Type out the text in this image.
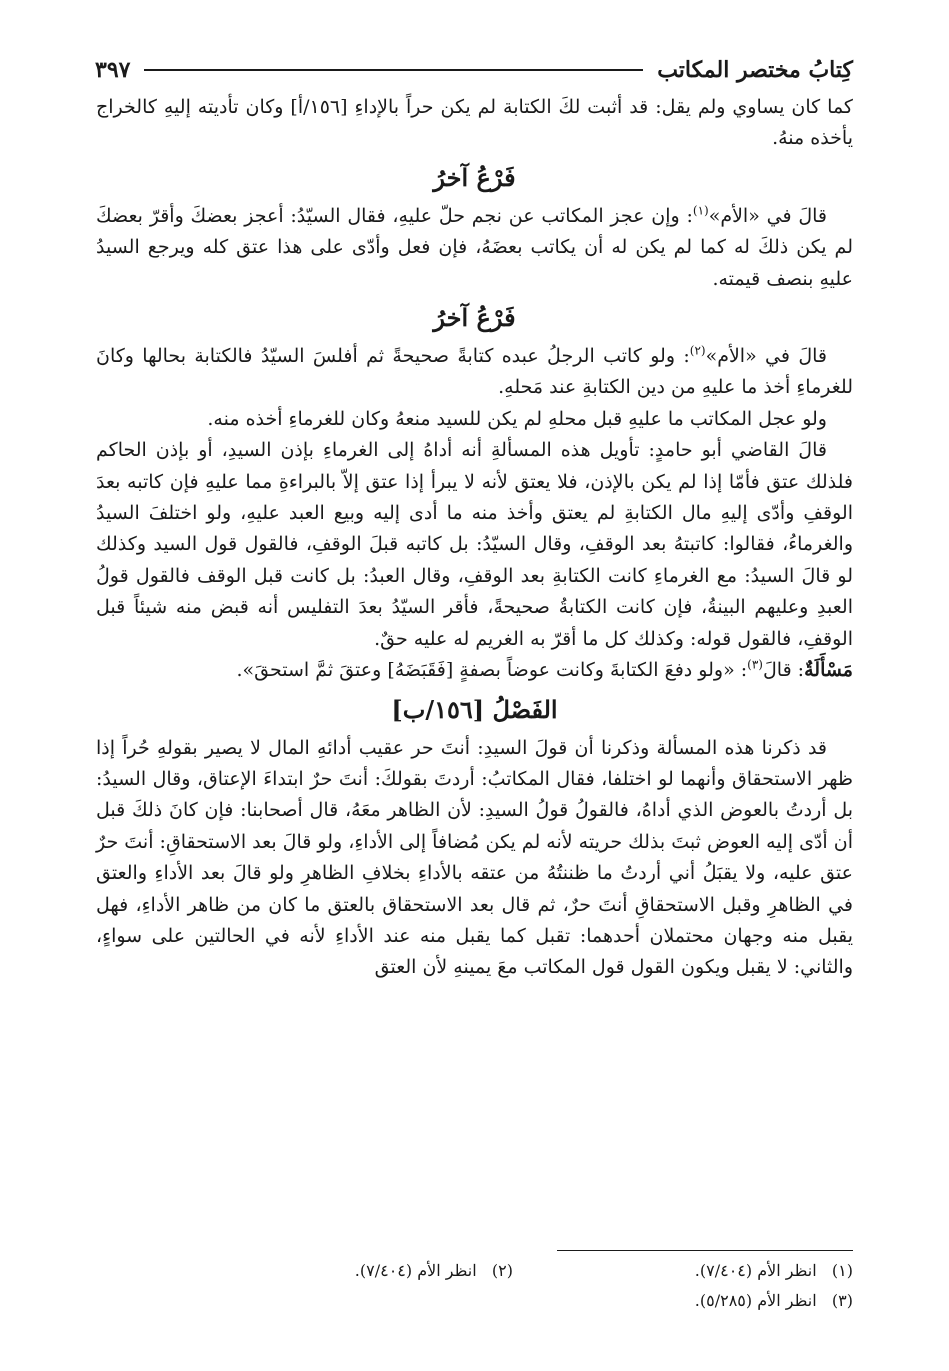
كِتابُ مختصر المكاتب
٣٩٧

كما كان يساوي ولم يقل: قد أثبت لكَ الكتابة لم يكن حراً بالإداءِ [١٥٦/أ] وكان تأديته إليهِ كالخراج يأخذه منهُ.

فَرْعُ آخرُ

قالَ في «الأم»$^{(١)}$: وإن عجز المكاتب عن نجم حلّ عليهِ، فقال السيّدُ: أعجز بعضكَ وأقرّ بعضكَ لم يكن ذلكَ له كما لم يكن له أن يكاتب بعضَهُ، فإن فعل وأدّى على هذا عتق كله ويرجع السيدُ عليهِ بنصف قيمته.

فَرْعُ آخرُ

قالَ في «الأم»$^{(٢)}$: ولو كاتب الرجلُ عبده كتابةً صحيحةً ثم أفلسَ السيّدُ فالكتابة بحالها وكانَ للغرماءِ أخذ ما عليهِ من دين الكتابةِ عند مَحلهِ.

ولو عجل المكاتب ما عليهِ قبل محلهِ لم يكن للسيد منعهُ وكان للغرماءِ أخذه منه.

قالَ القاضي أبو حامدٍ: تأويل هذه المسألةِ أنه أداهُ إلى الغرماءِ بإذن السيدِ، أو بإذن الحاكم فلذلك عتق فأمّا إذا لم يكن بالإذن، فلا يعتق لأنه لا يبرأ إذا عتق إلاّ بالبراءةِ مما عليهِ فإن كاتبه بعدَ الوقفِ وأدّى إليهِ مال الكتابةِ لم يعتق وأخذ منه ما أدى إليه وبيع العبد عليهِ، ولو اختلفَ السيدُ والغرماءُ، فقالوا: كاتبتهُ بعد الوقفِ، وقال السيّدُ: بل كاتبه قبلَ الوقفِ، فالقول قول السيد وكذلك لو قالَ السيدُ: مع الغرماءِ كانت الكتابةِ بعد الوقفِ، وقال العبدُ: بل كانت قبل الوقف فالقول قولُ العبدِ وعليهم البينةُ، فإن كانت الكتابةُ صحيحةً، فأقر السيّدُ بعدَ التفليس أنه قبض منه شيئاً قبل الوقفِ، فالقول قوله: وكذلك كل ما أقرّ به الغريم له عليه حقٌ.

مَسْأَلَةٌ: قالَ$^{(٣)}$: «ولو دفعَ الكتابةَ وكانت عوضاً بصفةٍ [فَقَبَضَهُ] وعتقَ ثمَّ استحقَ».

الفَصْلُ [١٥٦/ب]

قد ذكرنا هذه المسألة وذكرنا أن قولَ السيدِ: أنتَ حر عقيب أدائهِ المال لا يصير بقولهِ حُراً إذا ظهر الاستحقاق وأنهما لو اختلفا، فقال المكاتبُ: أردتَ بقولكَ: أنتَ حرٌ ابتداءَ الإعتاق، وقال السيدُ: بل أردتُ بالعوض الذي أداهُ، فالقولُ قولُ السيدِ: لأن الظاهر معَهُ، قال أصحابنا: فإن كانَ ذلكَ قبل أن أدّى إليه العوض ثبتَ بذلك حريته لأنه لم يكن مُضافاً إلى الأداءِ، ولو قالَ بعد الاستحقاقِ: أنتَ حرٌ عتق عليه، ولا يقبَلُ أني أردتُ ما ظننتُهُ من عتقه بالأداءِ بخلافِ الظاهرِ ولو قالَ بعد الأداءِ والعتق في الظاهرِ وقبل الاستحقاقِ أنتَ حرٌ، ثم قال بعد الاستحقاق بالعتق ما كان من ظاهر الأداءِ، فهل يقبل منه وجهان محتملان أحدهما: تقبل كما يقبل منه عند الأداءِ لأنه في الحالتين على سواءٍ، والثاني: لا يقبل ويكون القول قول المكاتب معَ يمينهِ لأن العتق

(١)   انظر الأم (٧/٤٠٤).
(٢)   انظر الأم (٧/٤٠٤).
(٣)   انظر الأم (٥/٢٨٥).
